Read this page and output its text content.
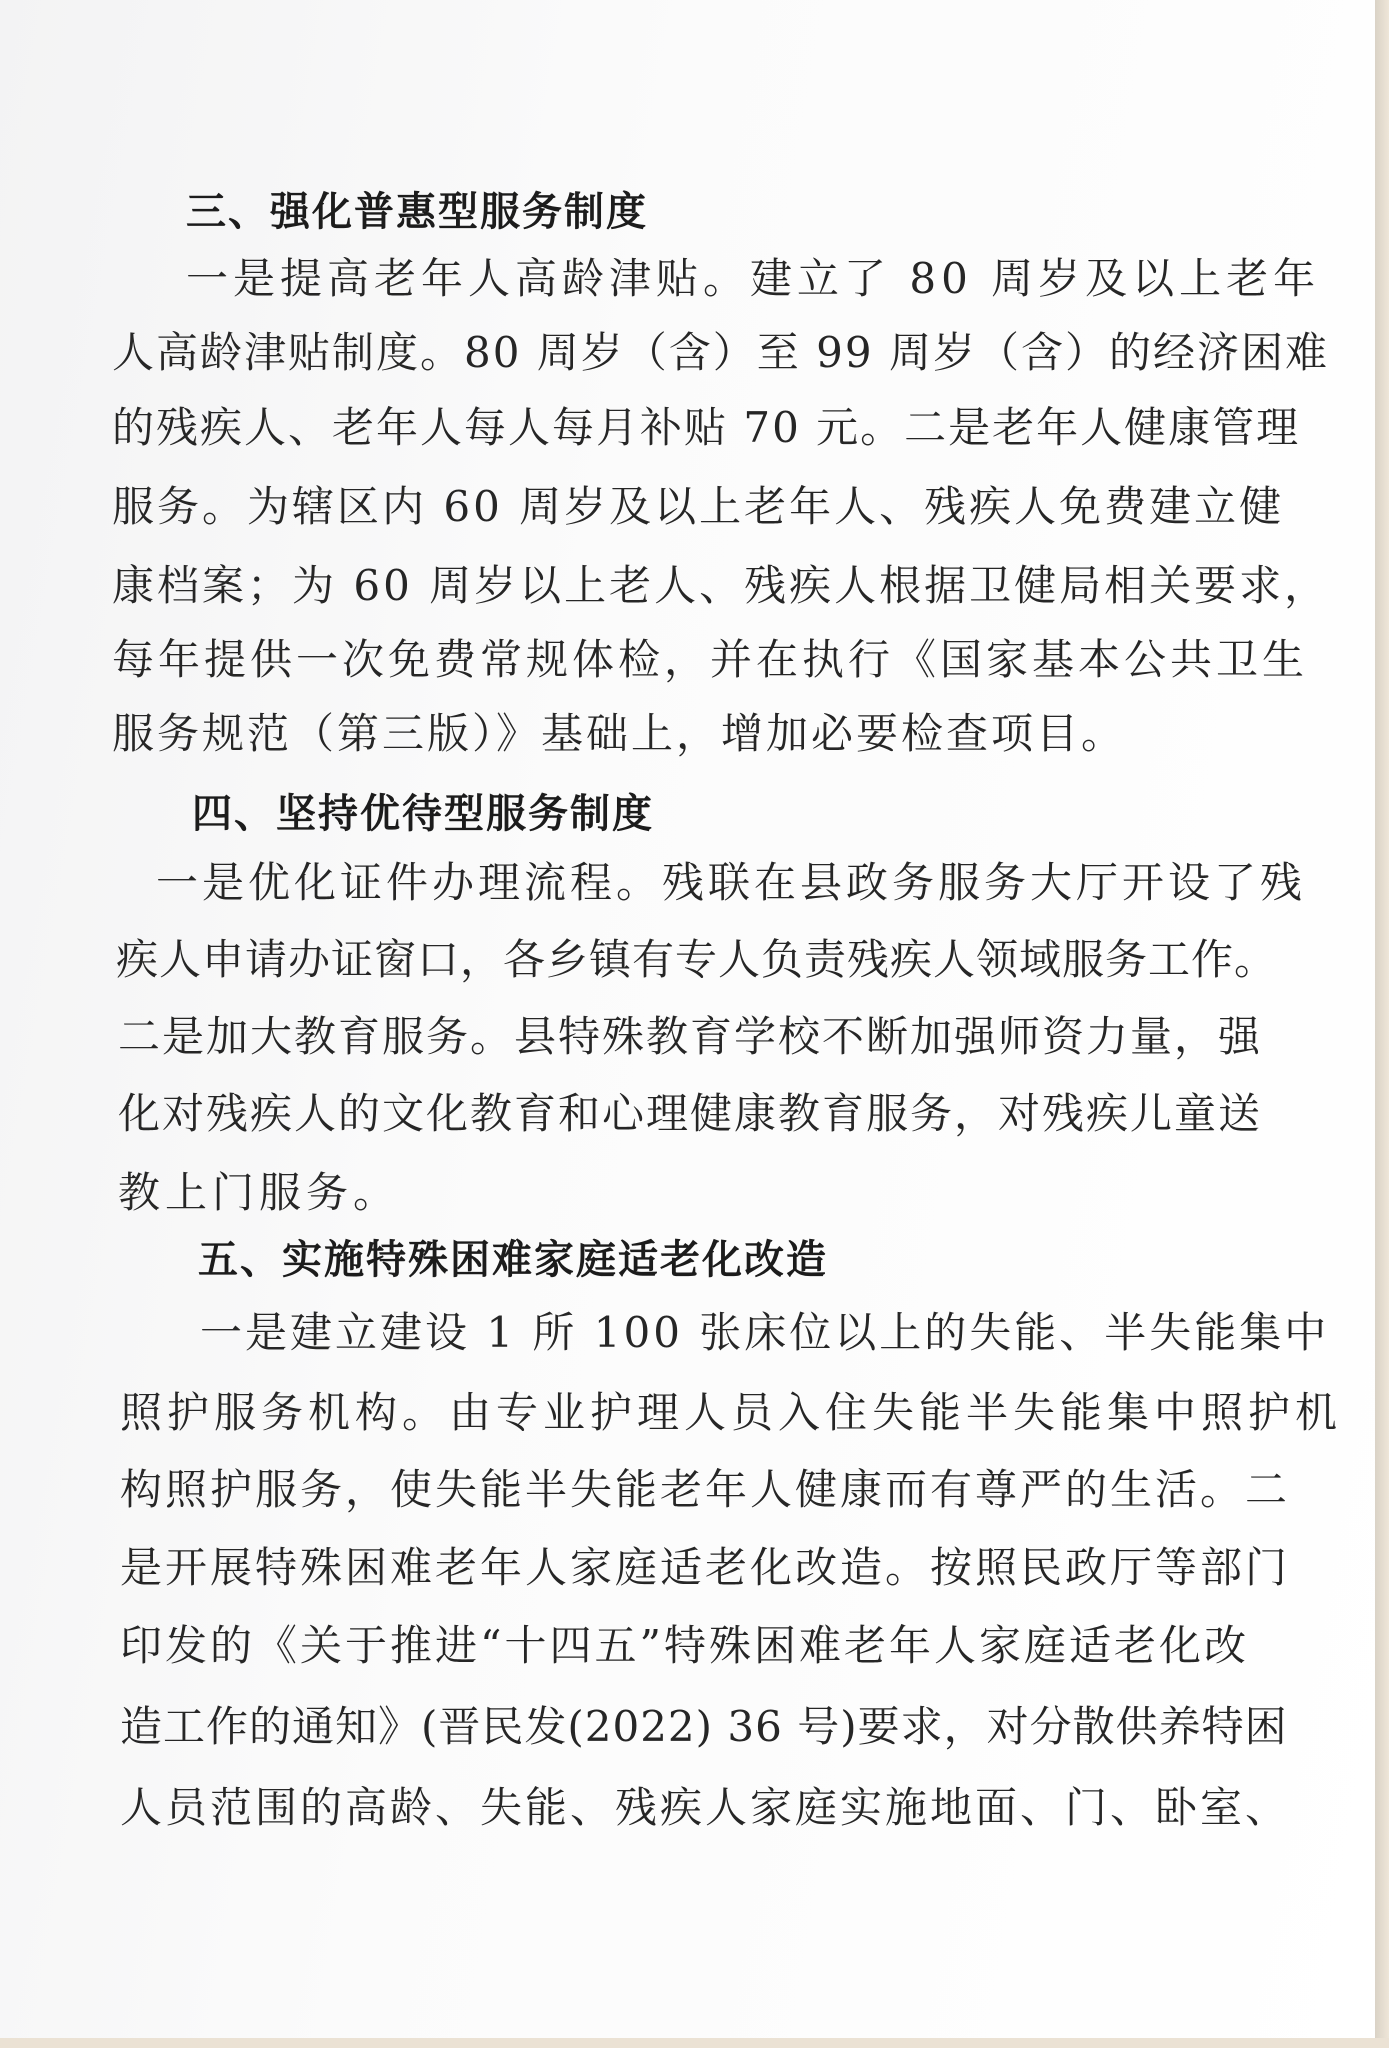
三、强化普惠型服务制度

一是提高老年人高龄津贴。建立了 80 周岁及以上老年

人高龄津贴制度。80 周岁（含）至 99 周岁（含）的经济困难

的残疾人、老年人每人每月补贴 70 元。二是老年人健康管理

服务。为辖区内 60 周岁及以上老年人、残疾人免费建立健

康档案；为 60 周岁以上老人、残疾人根据卫健局相关要求，

每年提供一次免费常规体检，并在执行《国家基本公共卫生

服务规范（第三版）》基础上，增加必要检查项目。

四、坚持优待型服务制度

一是优化证件办理流程。残联在县政务服务大厅开设了残

疾人申请办证窗口，各乡镇有专人负责残疾人领域服务工作。

二是加大教育服务。县特殊教育学校不断加强师资力量，强

化对残疾人的文化教育和心理健康教育服务，对残疾儿童送

教上门服务。

五、实施特殊困难家庭适老化改造

一是建立建设 1 所 100 张床位以上的失能、半失能集中

照护服务机构。由专业护理人员入住失能半失能集中照护机

构照护服务，使失能半失能老年人健康而有尊严的生活。二

是开展特殊困难老年人家庭适老化改造。按照民政厅等部门

印发的《关于推进“十四五”特殊困难老年人家庭适老化改

造工作的通知》(晋民发(2022) 36 号)要求，对分散供养特困

人员范围的高龄、失能、残疾人家庭实施地面、门、卧室、
